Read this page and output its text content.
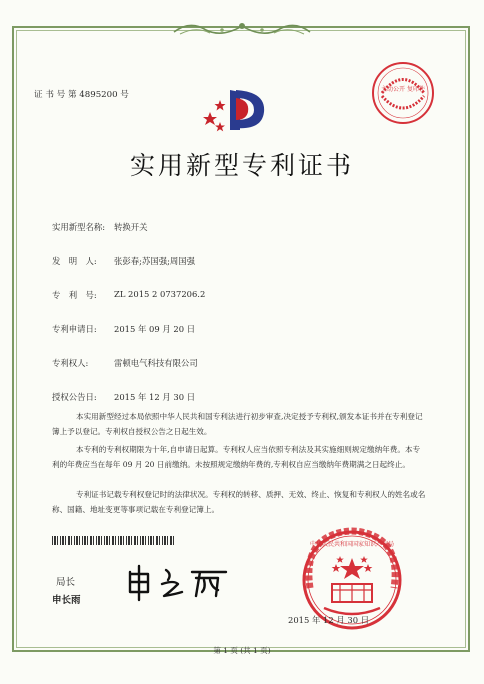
证 书 号 第 4895200 号
主动公开 复印件
实用新型专利证书
实用新型名称: 转换开关
发　明　人: 张彭春;苏国强;周国强
专　利　号: ZL 2015 2 0737206.2
专利申请日: 2015 年 09 月 20 日
专利权人:	雷顿电气科技有限公司
授权公告日: 2015 年 12 月 30 日
本实用新型经过本局依照中华人民共和国专利法进行初步审查,决定授予专利权,颁发本证书并在专利登记簿上予以登记。专利权自授权公告之日起生效。
本专利的专利权期限为十年,自申请日起算。专利权人应当依照专利法及其实施细则规定缴纳年费。本专利的年费应当在每年 09 月 20 日前缴纳。未按照规定缴纳年费的,专利权自应当缴纳年费期满之日起终止。
专利证书记载专利权登记时的法律状况。专利权的转移、质押、无效、终止、恢复和专利权人的姓名或名称、国籍、地址变更等事项记载在专利登记簿上。
局长
申长雨
中华人民共和国国家知识产权局
2015 年 12 月 30 日
第 1 页 (共 1 页)
